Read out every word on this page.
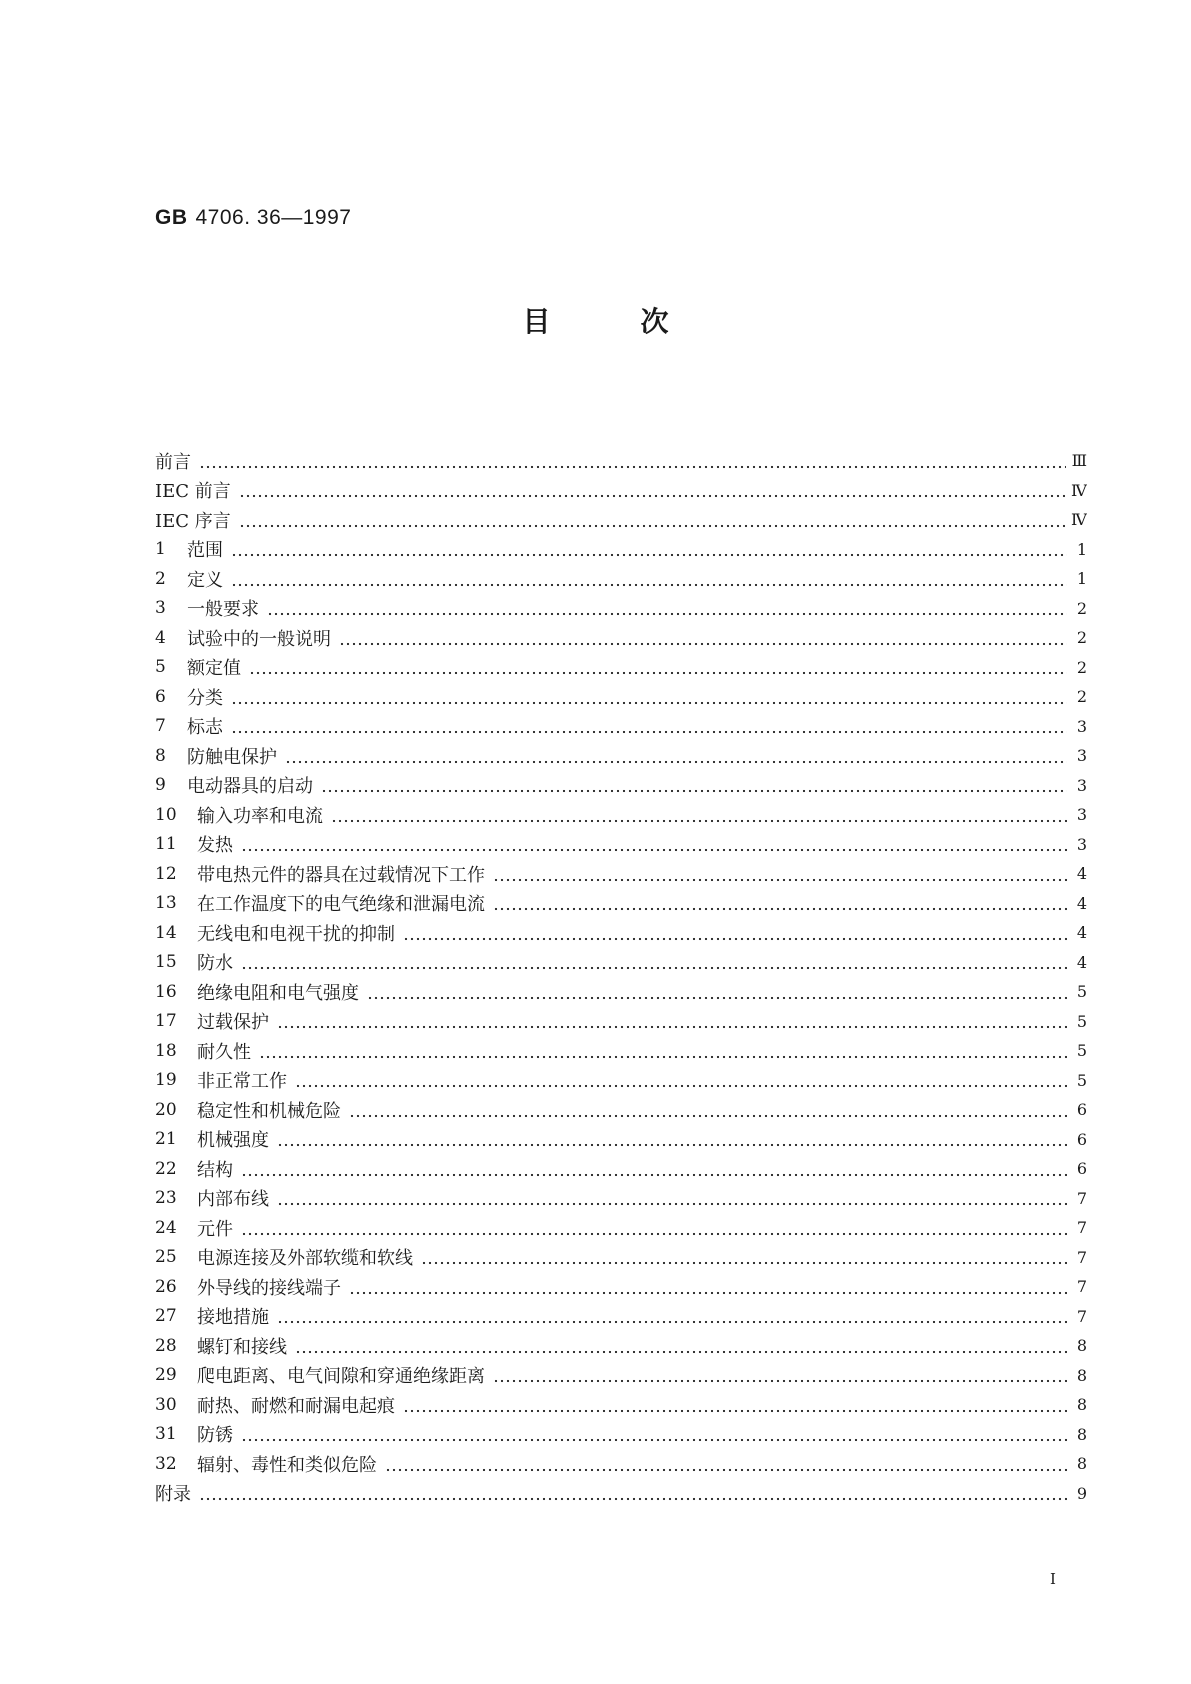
GB 4706. 36—1997
目	次
前言	Ⅲ
IEC 前言	Ⅳ
IEC 序言	Ⅳ
1	范围	1
2	定义	1
3	一般要求	2
4	试验中的一般说明	2
5	额定值	2
6	分类	2
7	标志	3
8	防触电保护	3
9	电动器具的启动	3
10	输入功率和电流	3
11	发热	3
12	带电热元件的器具在过载情况下工作	4
13	在工作温度下的电气绝缘和泄漏电流	4
14	无线电和电视干扰的抑制	4
15	防水	4
16	绝缘电阻和电气强度	5
17	过载保护	5
18	耐久性	5
19	非正常工作	5
20	稳定性和机械危险	6
21	机械强度	6
22	结构	6
23	内部布线	7
24	元件	7
25	电源连接及外部软缆和软线	7
26	外导线的接线端子	7
27	接地措施	7
28	螺钉和接线	8
29	爬电距离、电气间隙和穿通绝缘距离	8
30	耐热、耐燃和耐漏电起痕	8
31	防锈	8
32	辐射、毒性和类似危险	8
附录	9
Ⅰ
